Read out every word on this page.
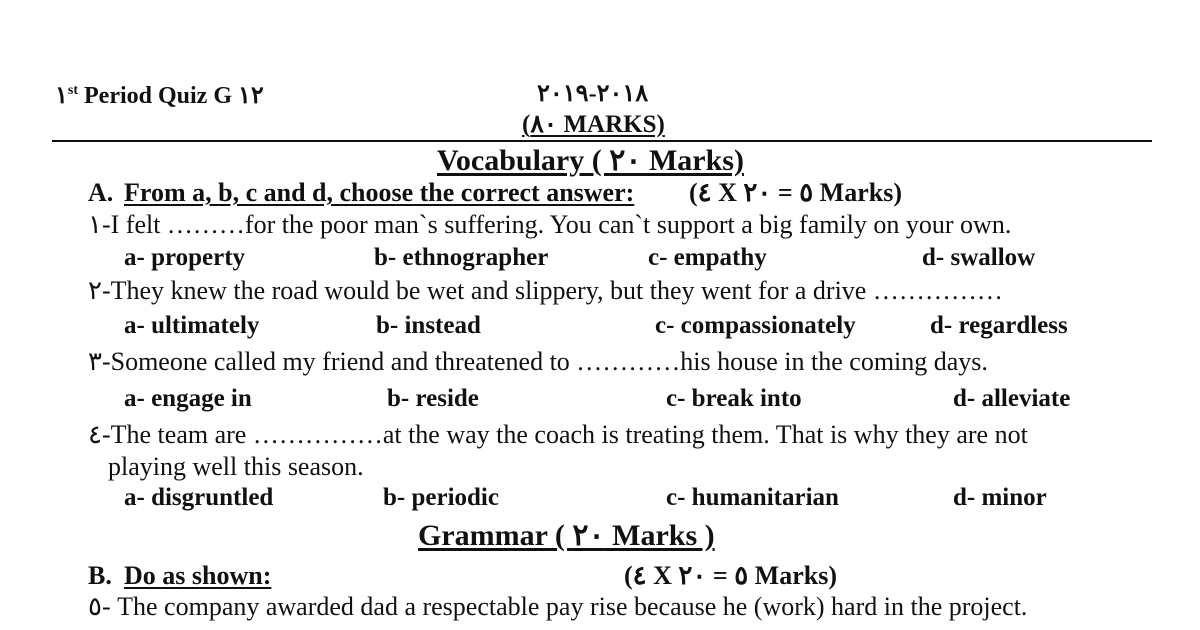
١st Period Quiz G ١٢	٢٠١٨-٢٠١٩
(٨٠ MARKS)
Vocabulary ( ٢٠ Marks)
A. From a, b, c and d, choose the correct answer: (٤ X ٥ = ٢٠ Marks)
١-I felt ………for the poor man`s suffering. You can`t support a big family on your own.
a- property	b- ethnographer	c- empathy	d- swallow
٢-They knew the road would be wet and slippery, but they went for a drive ……………
a- ultimately	b- instead	c- compassionately	d- regardless
٣-Someone called my friend and threatened to …………his house in the coming days.
a- engage in	b- reside	c- break into	d- alleviate
٤-The team are ……………at the way the coach is treating them. That is why they are not
playing well this season.
a- disgruntled	b- periodic	c- humanitarian	d- minor
Grammar ( ٢٠ Marks )
B. Do as shown:	(٤ X ٥ = ٢٠ Marks)
٥- The company awarded dad a respectable pay rise because he (work) hard in the project.
